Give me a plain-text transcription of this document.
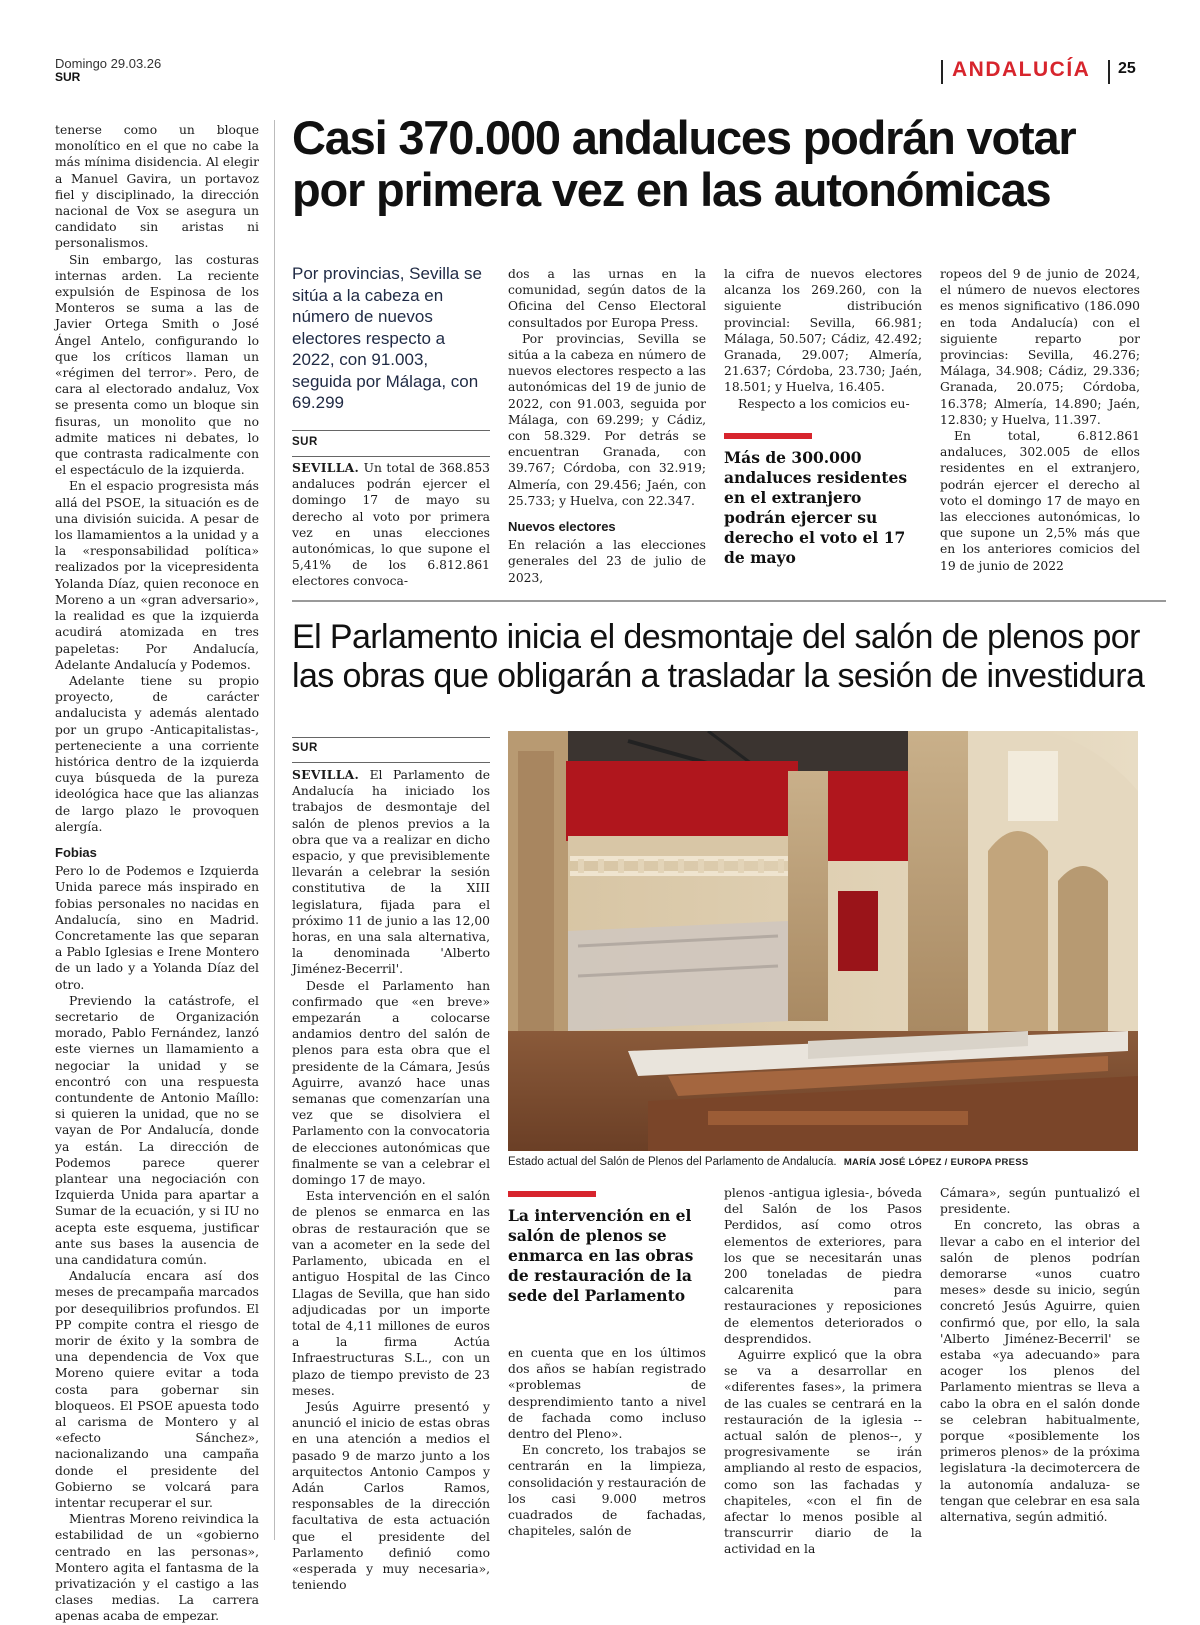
Domingo 29.03.26
SUR	ANDALUCÍA 25

tenerse como un bloque monolítico en el que no cabe la más mínima disidencia. Al elegir a Manuel Gavira, un portavoz fiel y disciplinado, la dirección nacional de Vox se asegura un candidato sin aristas ni personalismos.

Sin embargo, las costuras internas arden. La reciente expulsión de Espinosa de los Monteros se suma a las de Javier Ortega Smith o José Ángel Antelo, configurando lo que los críticos llaman un «régimen del terror». Pero, de cara al electorado andaluz, Vox se presenta como un bloque sin fisuras, un monolito que no admite matices ni debates, lo que contrasta radicalmente con el espectáculo de la izquierda.

En el espacio progresista más allá del PSOE, la situación es de una división suicida. A pesar de los llamamientos a la unidad y a la «responsabilidad política» realizados por la vicepresidenta Yolanda Díaz, quien reconoce en Moreno a un «gran adversario», la realidad es que la izquierda acudirá atomizada en tres papeletas: Por Andalucía, Adelante Andalucía y Podemos.

Adelante tiene su propio proyecto, de carácter andalucista y además alentado por un grupo -Anticapitalistas-, perteneciente a una corriente histórica dentro de la izquierda cuya búsqueda de la pureza ideológica hace que las alianzas de largo plazo le provoquen alergía.

Fobias

Pero lo de Podemos e Izquierda Unida parece más inspirado en fobias personales no nacidas en Andalucía, sino en Madrid. Concretamente las que separan a Pablo Iglesias e Irene Montero de un lado y a Yolanda Díaz del otro.

Previendo la catástrofe, el secretario de Organización morado, Pablo Fernández, lanzó este viernes un llamamiento a negociar la unidad y se encontró con una respuesta contundente de Antonio Maíllo: si quieren la unidad, que no se vayan de Por Andalucía, donde ya están. La dirección de Podemos parece querer plantear una negociación con Izquierda Unida para apartar a Sumar de la ecuación, y si IU no acepta este esquema, justificar ante sus bases la ausencia de una candidatura común.

Andalucía encara así dos meses de precampaña marcados por desequilibrios profundos. El PP compite contra el riesgo de morir de éxito y la sombra de una dependencia de Vox que Moreno quiere evitar a toda costa para gobernar sin bloqueos. El PSOE apuesta todo al carisma de Montero y al «efecto Sánchez», nacionalizando una campaña donde el presidente del Gobierno se volcará para intentar recuperar el sur.

Mientras Moreno reivindica la estabilidad de un «gobierno centrado en las personas», Montero agita el fantasma de la privatización y el castigo a las clases medias. La carrera apenas acaba de empezar.

Casi 370.000 andaluces podrán votar por primera vez en las autonómicas
Por provincias, Sevilla se sitúa a la cabeza en número de nuevos electores respecto a 2022, con 91.003, seguida por Málaga, con 69.299
SUR

SEVILLA. Un total de 368.853 andaluces podrán ejercer el domingo 17 de mayo su derecho al voto por primera vez en unas elecciones autonómicas, lo que supone el 5,41% de los 6.812.861 electores convoca-

dos a las urnas en la comunidad, según datos de la Oficina del Censo Electoral consultados por Europa Press.

Por provincias, Sevilla se sitúa a la cabeza en número de nuevos electores respecto a las autonómicas del 19 de junio de 2022, con 91.003, seguida por Málaga, con 69.299; y Cádiz, con 58.329. Por detrás se encuentran Granada, con 39.767; Córdoba, con 32.919; Almería, con 29.456; Jaén, con 25.733; y Huelva, con 22.347.

Nuevos electores

En relación a las elecciones generales del 23 de julio de 2023,

la cifra de nuevos electores alcanza los 269.260, con la siguiente distribución provincial: Sevilla, 66.981; Málaga, 50.507; Cádiz, 42.492; Granada, 29.007; Almería, 21.637; Córdoba, 23.730; Jaén, 18.501; y Huelva, 16.405.

Respecto a los comicios eu-

Más de 300.000 andaluces residentes en el extranjero podrán ejercer su derecho el voto el 17 de mayo

ropeos del 9 de junio de 2024, el número de nuevos electores es menos significativo (186.090 en toda Andalucía) con el siguiente reparto por provincias: Sevilla, 46.276; Málaga, 34.908; Cádiz, 29.336; Granada, 20.075; Córdoba, 16.378; Almería, 14.890; Jaén, 12.830; y Huelva, 11.397.

En total, 6.812.861 andaluces, 302.005 de ellos residentes en el extranjero, podrán ejercer el derecho al voto el domingo 17 de mayo en las elecciones autonómicas, lo que supone un 2,5% más que en los anteriores comicios del 19 de junio de 2022

El Parlamento inicia el desmontaje del salón de plenos por las obras que obligarán a trasladar la sesión de investidura
SUR

SEVILLA. El Parlamento de Andalucía ha iniciado los trabajos de desmontaje del salón de plenos previos a la obra que va a realizar en dicho espacio, y que previsiblemente llevarán a celebrar la sesión constitutiva de la XIII legislatura, fijada para el próximo 11 de junio a las 12,00 horas, en una sala alternativa, la denominada 'Alberto Jiménez-Becerril'.

Desde el Parlamento han confirmado que «en breve» empezarán a colocarse andamios dentro del salón de plenos para esta obra que el presidente de la Cámara, Jesús Aguirre, avanzó hace unas semanas que comenzarían una vez que se disolviera el Parlamento con la convocatoria de elecciones autonómicas que finalmente se van a celebrar el domingo 17 de mayo.

Esta intervención en el salón de plenos se enmarca en las obras de restauración que se van a acometer en la sede del Parlamento, ubicada en el antiguo Hospital de las Cinco Llagas de Sevilla, que han sido adjudicadas por un importe total de 4,11 millones de euros a la firma Actúa Infraestructuras S.L., con un plazo de tiempo previsto de 23 meses.

Jesús Aguirre presentó y anunció el inicio de estas obras en una atención a medios el pasado 9 de marzo junto a los arquitectos Antonio Campos y Adán Carlos Ramos, responsables de la dirección facultativa de esta actuación que el presidente del Parlamento definió como «esperada y muy necesaria», teniendo

Estado actual del Salón de Plenos del Parlamento de Andalucía. MARÍA JOSÉ LÓPEZ / EUROPA PRESS
La intervención en el salón de plenos se enmarca en las obras de restauración de la sede del Parlamento

en cuenta que en los últimos dos años se habían registrado «problemas de desprendimiento tanto a nivel de fachada como incluso dentro del Pleno».

En concreto, los trabajos se centrarán en la limpieza, consolidación y restauración de los casi 9.000 metros cuadrados de fachadas, chapiteles, salón de

plenos -antigua iglesia-, bóveda del Salón de los Pasos Perdidos, así como otros elementos de exteriores, para los que se necesitarán unas 200 toneladas de piedra calcarenita para restauraciones y reposiciones de elementos deteriorados o desprendidos.

Aguirre explicó que la obra se va a desarrollar en «diferentes fases», la primera de las cuales se centrará en la restauración de la iglesia --actual salón de plenos--, y progresivamente se irán ampliando al resto de espacios, como son las fachadas y chapiteles, «con el fin de afectar lo menos posible al transcurrir diario de la actividad en la

Cámara», según puntualizó el presidente.

En concreto, las obras a llevar a cabo en el interior del salón de plenos podrían demorarse «unos cuatro meses» desde su inicio, según concretó Jesús Aguirre, quien confirmó que, por ello, la sala 'Alberto Jiménez-Becerril' se estaba «ya adecuando» para acoger los plenos del Parlamento mientras se lleva a cabo la obra en el salón donde se celebran habitualmente, porque «posiblemente los primeros plenos» de la próxima legislatura -la decimotercera de la autonomía andaluza- se tengan que celebrar en esa sala alternativa, según admitió.
